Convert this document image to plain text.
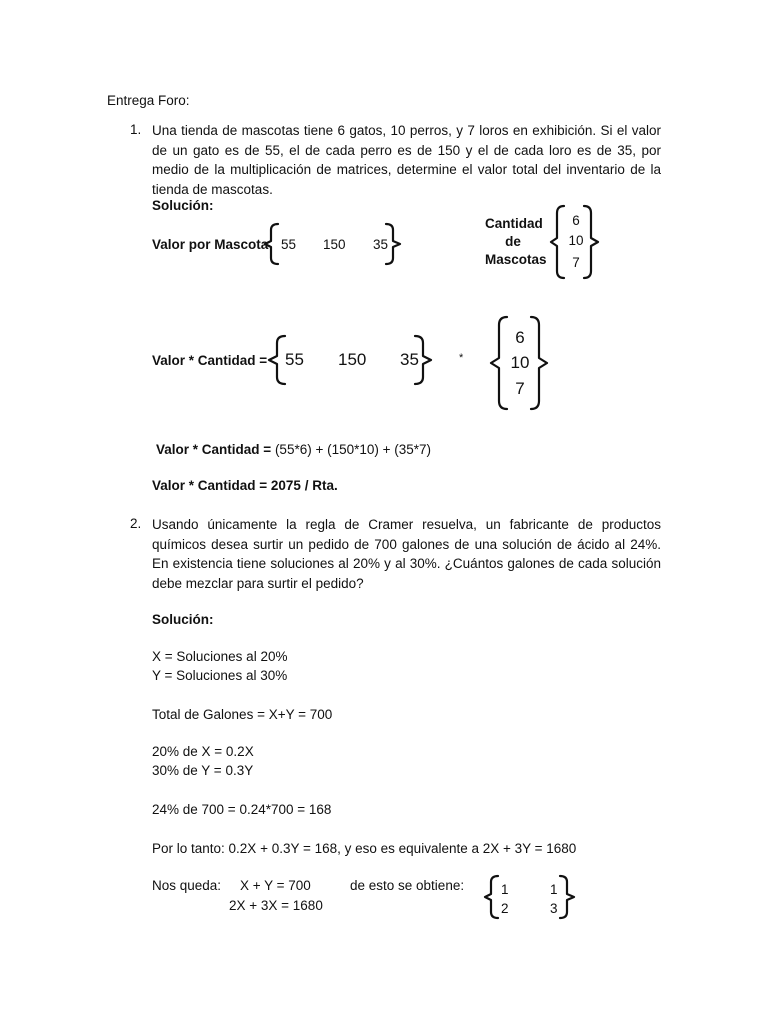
Entrega Foro:
1. Una tienda de mascotas tiene 6 gatos, 10 perros, y 7 loros en exhibición. Si el valor de un gato es de 55, el de cada perro es de 150 y el de cada loro es de 35, por medio de la multiplicación de matrices, determine el valor total del inventario de la tienda de mascotas.
Solución:
Valor por Mascota 55 150 35
Cantidad
de
Mascotas
6
10
7
Valor * Cantidad = 55 150 35	*
6
10
7
Valor * Cantidad = (55*6) + (150*10) + (35*7)
Valor * Cantidad = 2075 / Rta.
2. Usando únicamente la regla de Cramer resuelva, un fabricante de productos químicos desea surtir un pedido de 700 galones de una solución de ácido al 24%. En existencia tiene soluciones al 20% y al 30%. ¿Cuántos galones de cada solución debe mezclar para surtir el pedido?
Solución:
X = Soluciones al 20%
Y = Soluciones al 30%
Total de Galones = X+Y = 700
20% de X = 0.2X
30% de Y = 0.3Y
24% de 700 = 0.24*700 = 168
Por lo tanto: 0.2X + 0.3Y = 168, y eso es equivalente a 2X + 3Y = 1680
Nos queda: X + Y = 700
2X + 3X = 1680
de esto se obtiene:	1	1
2	3
